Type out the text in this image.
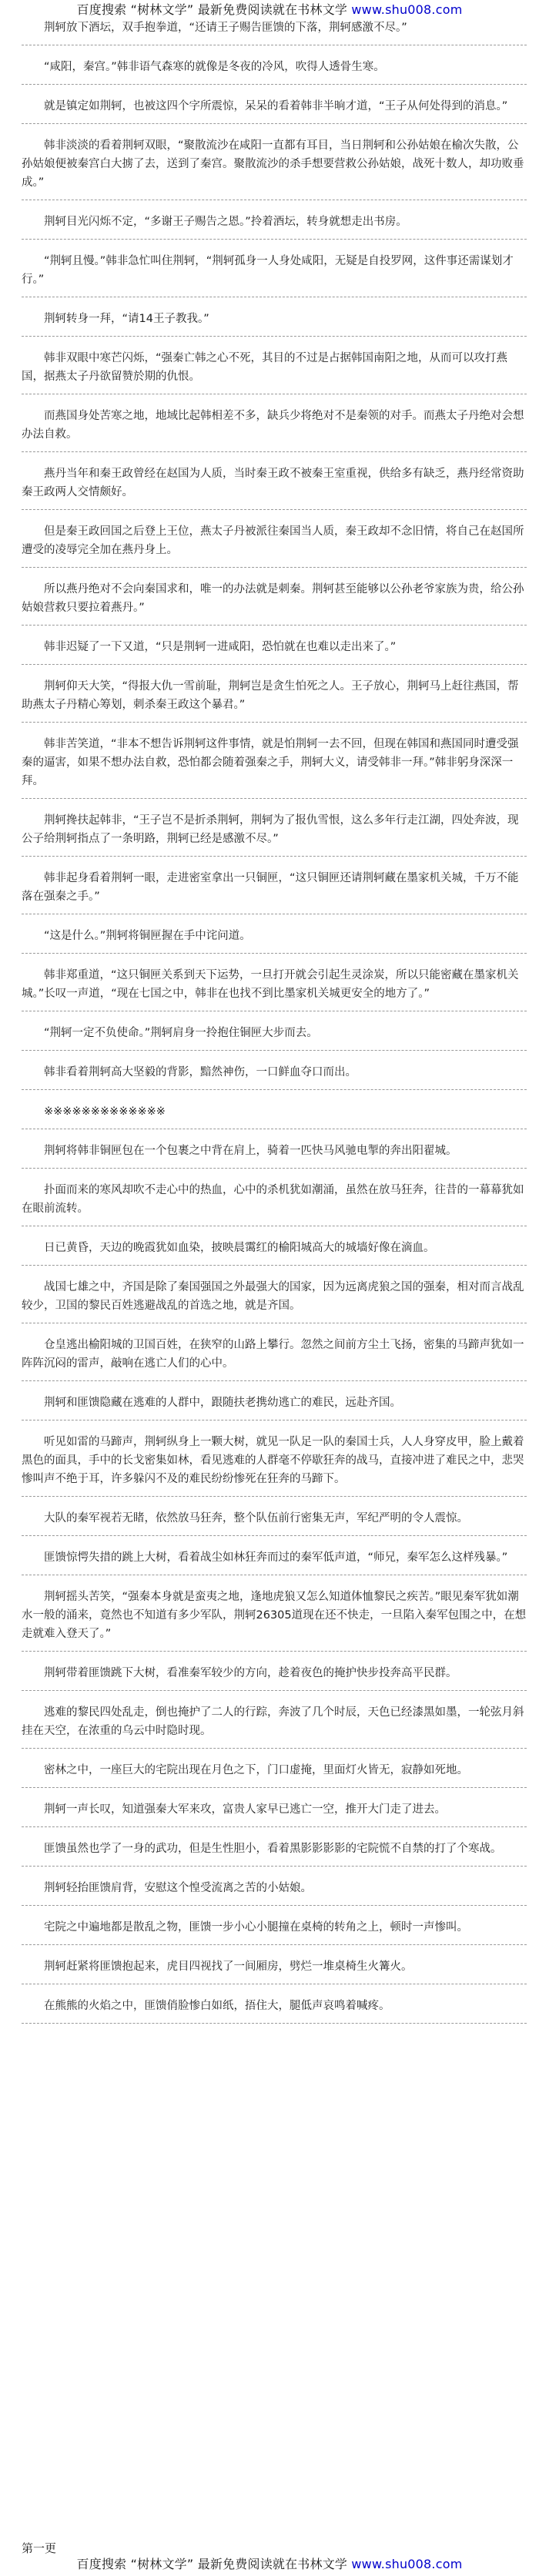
百度搜索 “树林文学” 最新免费阅读就在书林文学 www.shu008.com
荆轲放下酒坛，双手抱拳道，“还请王子赐告匪馈的下落，荆轲感激不尽。”
“咸阳，秦宫。”韩非语气森寒的就像是冬夜的冷风，吹得人透骨生寒。
就是镇定如荆轲，也被这四个字所震惊，呆呆的看着韩非半晌才道，“王子从何处得到的消息。”
韩非淡淡的看着荆轲双眼，“聚散流沙在咸阳一直都有耳目，当日荆轲和公孙姑娘在榆次失散，公孙姑娘便被秦宫白大掳了去，送到了秦宫。聚散流沙的杀手想要营救公孙姑娘，战死十数人，却功败垂成。”
荆轲目光闪烁不定，“多谢王子赐告之恩。”拎着酒坛，转身就想走出书房。
“荆轲且慢。”韩非急忙叫住荆轲，“荆轲孤身一人身处咸阳，无疑是自投罗网，这件事还需谋划才行。”
荆轲转身一拜，“请14王子教我。”
韩非双眼中寒芒闪烁，“强秦亡韩之心不死，其目的不过是占据韩国南阳之地，从而可以攻打燕国，据燕太子丹欲留赞於期的仇恨。
而燕国身处苦寒之地，地域比起韩相差不多，缺兵少将绝对不是秦领的对手。而燕太子丹绝对会想办法自救。
燕丹当年和秦王政曾经在赵国为人质，当时秦王政不被秦王室重视，供给多有缺乏，燕丹经常资助秦王政两人交情颇好。
但是秦王政回国之后登上王位，燕太子丹被派往秦国当人质，秦王政却不念旧情，将自己在赵国所遭受的凌辱完全加在燕丹身上。
所以燕丹绝对不会向秦国求和，唯一的办法就是刺秦。荆轲甚至能够以公孙老爷家族为贵，给公孙姑娘营救只要拉着燕丹。”
韩非迟疑了一下又道，“只是荆轲一进咸阳，恐怕就在也难以走出来了。”
荆轲仰天大笑，“得报大仇一雪前耻，荆轲岂是贪生怕死之人。王子放心，荆轲马上赶往燕国，帮助燕太子丹精心筹划，刺杀秦王政这个暴君。”
韩非苦笑道，“非本不想告诉荆轲这件事情，就是怕荆轲一去不回，但现在韩国和燕国同时遭受强秦的逼害，如果不想办法自救，恐怕都会随着强秦之手，荆轲大义，请受韩非一拜。”韩非躬身深深一拜。
荆轲搀扶起韩非，“王子岂不是折杀荆轲，荆轲为了报仇雪恨，这么多年行走江湖，四处奔波，现公子给荆轲指点了一条明路，荆轲已经是感激不尽。”
韩非起身看着荆轲一眼，走进密室拿出一只铜匣，“这只铜匣还请荆轲藏在墨家机关城，千万不能落在强秦之手。”
“这是什么。”荆轲将铜匣握在手中诧问道。
韩非郑重道，“这只铜匣关系到天下运势，一旦打开就会引起生灵涂炭，所以只能密藏在墨家机关城。”长叹一声道，“现在七国之中，韩非在也找不到比墨家机关城更安全的地方了。”
“荆轲一定不负使命。”荆轲肩身一拎抱住铜匣大步而去。
韩非看着荆轲高大坚毅的背影，黯然神伤，一口鲜血夺口而出。
※※※※※※※※※※※※※
荆轲将韩非铜匣包在一个包裹之中背在肩上，骑着一匹快马风驰电掣的奔出阳翟城。
扑面而来的寒风却吹不走心中的热血，心中的杀机犹如潮涌，虽然在放马狂奔，往昔的一幕幕犹如在眼前流转。
日已黄昏，天边的晚霞犹如血染，披映晨霭红的榆阳城高大的城墙好像在滴血。
战国七雄之中，齐国是除了秦国强国之外最强大的国家，因为远离虎狼之国的强秦，相对而言战乱较少，卫国的黎民百姓逃避战乱的首选之地，就是齐国。
仓皇逃出榆阳城的卫国百姓，在狭窄的山路上攀行。忽然之间前方尘土飞扬，密集的马蹄声犹如一阵阵沉闷的雷声，敲响在逃亡人们的心中。
荆轲和匪馈隐藏在逃难的人群中，跟随扶老携幼逃亡的难民，远赴齐国。
听见如雷的马蹄声，荆轲纵身上一颗大树，就见一队足一队的秦国士兵，人人身穿皮甲，脸上戴着黑色的面具，手中的长戈密集如林，看见逃难的人群毫不停歇狂奔的战马，直接冲进了难民之中，悲哭惨叫声不绝于耳，许多躲闪不及的难民纷纷惨死在狂奔的马蹄下。
大队的秦军视若无睹，依然放马狂奔，整个队伍前行密集无声，军纪严明的令人震惊。
匪馈惊愕失措的跳上大树，看着战尘如林狂奔而过的秦军低声道，“师兄，秦军怎么这样残暴。”
荆轲摇头苦笑，“强秦本身就是蛮夷之地，逢地虎狼又怎么知道体恤黎民之疾苦。”眼见秦军犹如潮水一般的涌来，竟然也不知道有多少军队，荆轲26305道现在还不快走，一旦陷入秦军包围之中，在想走就难入登天了。”
荆轲带着匪馈跳下大树，看准秦军较少的方向，趁着夜色的掩护快步投奔高平民群。
逃难的黎民四处乱走，倒也掩护了二人的行踪，奔波了几个时辰，天色已经漆黑如墨，一轮弦月斜挂在天空，在浓重的乌云中时隐时现。
密林之中，一座巨大的宅院出现在月色之下，门口虚掩，里面灯火皆无，寂静如死地。
荆轲一声长叹，知道强秦大军来攻，富贵人家早已逃亡一空，推开大门走了进去。
匪馈虽然也学了一身的武功，但是生性胆小，看着黑影影影影的宅院慌不自禁的打了个寒战。
荆轲轻抬匪馈肩背，安慰这个惶受流离之苦的小姑娘。
宅院之中遍地都是散乱之物，匪馈一步小心小腿撞在桌椅的转角之上，顿时一声惨叫。
荆轲赶紧将匪馈抱起来，虎目四视找了一间厢房，劈烂一堆桌椅生火篝火。
在熊熊的火焰之中，匪馈俏脸惨白如纸，捂住大，腿低声哀鸣着喊疼。
第一更
百度搜索 “树林文学” 最新免费阅读就在书林文学 www.shu008.com
